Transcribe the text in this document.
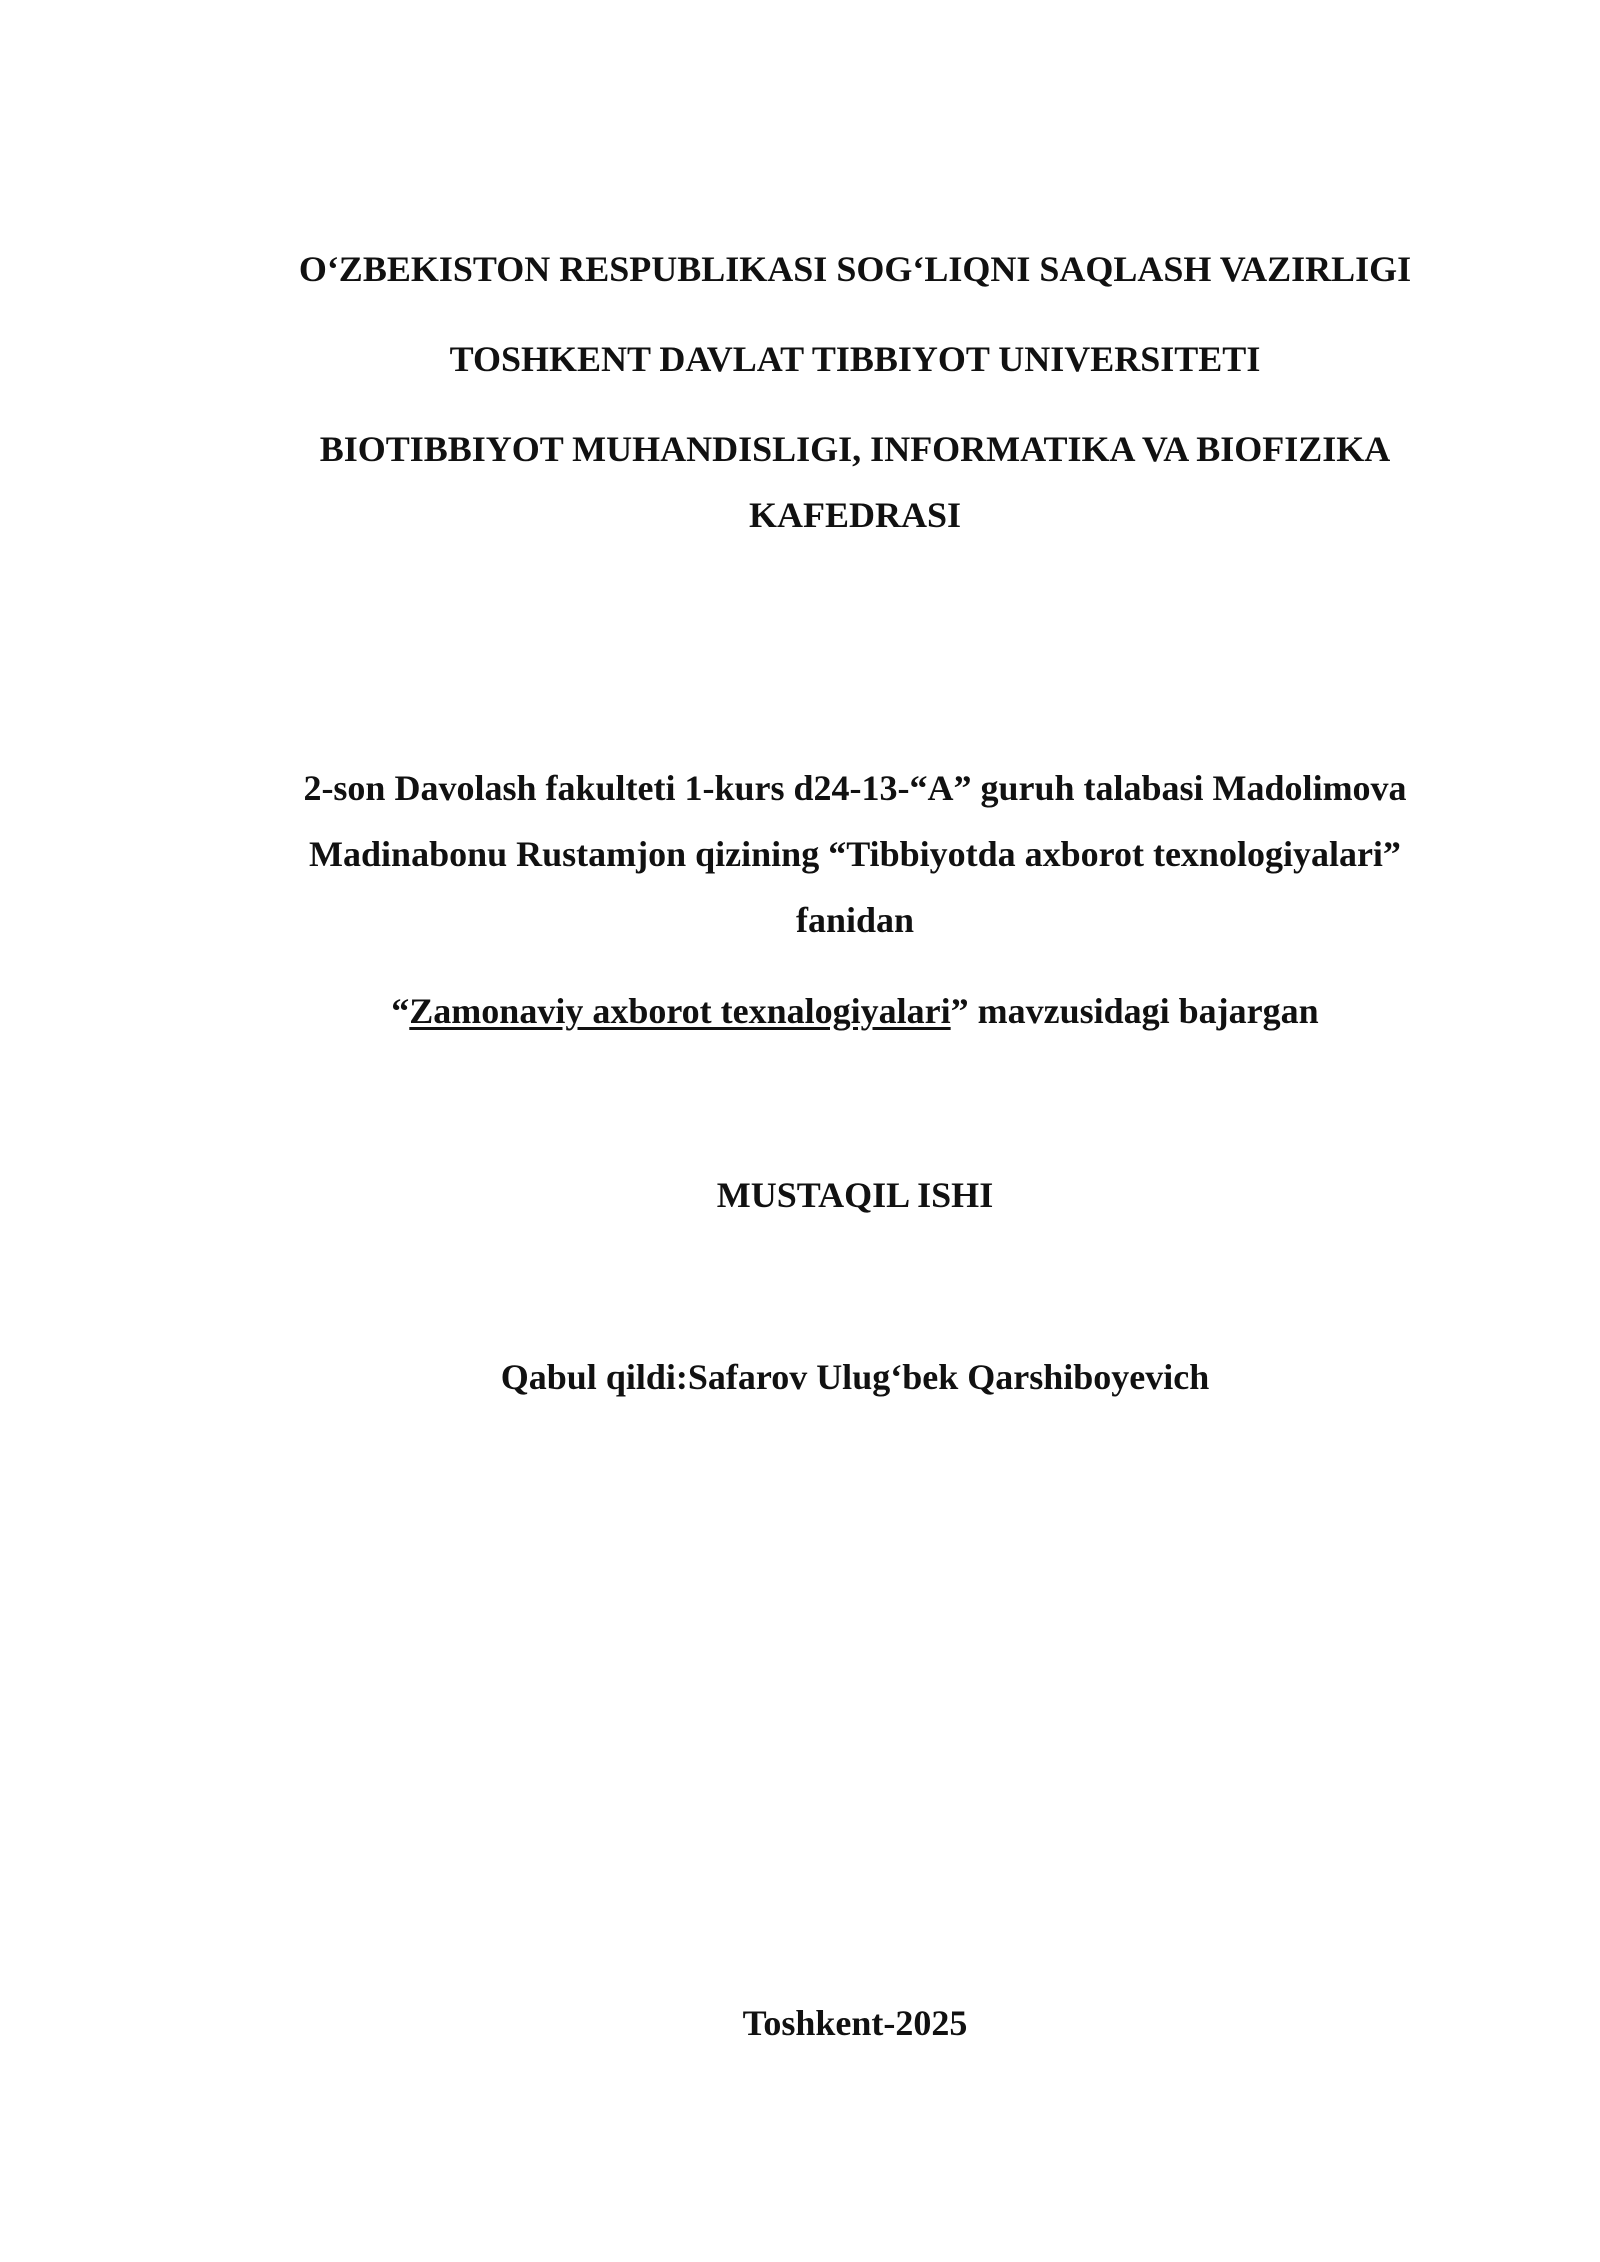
O‘ZBEKISTON RESPUBLIKASI SOG‘LIQNI SAQLASH VAZIRLIGI
TOSHKENT DAVLAT TIBBIYOT UNIVERSITETI
BIOTIBBIYOT MUHANDISLIGI, INFORMATIKA VA BIOFIZIKA
KAFEDRASI
2-son Davolash fakulteti 1-kurs d24-13-“A” guruh talabasi Madolimova
Madinabonu Rustamjon qizining “Tibbiyotda axborot texnologiyalari”
fanidan
“Zamonaviy axborot texnalogiyalari” mavzusidagi bajargan
MUSTAQIL ISHI
Qabul qildi:Safarov Ulug‘bek Qarshiboyevich
Toshkent-2025
